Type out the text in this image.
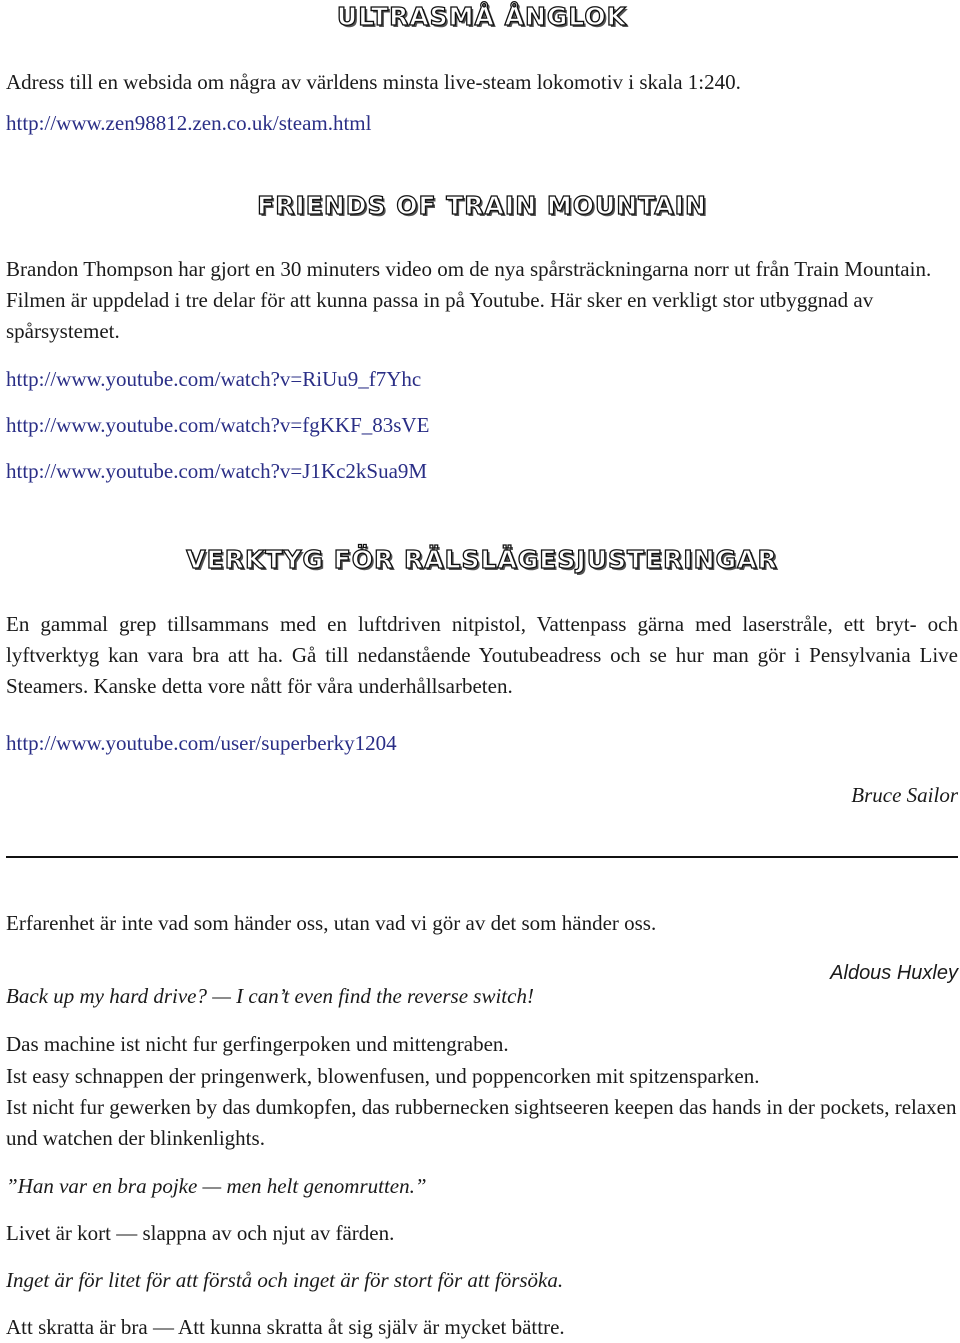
ULTRASMÅ ÅNGLOK

Adress till en websida om några av världens minsta live-steam lokomotiv i skala 1:240.

http://www.zen98812.zen.co.uk/steam.html

FRIENDS OF TRAIN MOUNTAIN

Brandon Thompson har gjort en 30 minuters video om de nya spårsträckningarna norr ut från Train Mountain. Filmen är uppdelad i tre delar för att kunna passa in på Youtube. Här sker en verkligt stor utbyggnad av spårsystemet.

http://www.youtube.com/watch?v=RiUu9_f7Yhc

http://www.youtube.com/watch?v=fgKKF_83sVE

http://www.youtube.com/watch?v=J1Kc2kSua9M

VERKTYG FÖR RÄLSLÄGESJUSTERINGAR

En gammal grep tillsammans med en luftdriven nitpistol, Vattenpass gärna med laserstråle, ett bryt- och lyftverktyg kan vara bra att ha. Gå till nedanstående Youtubeadress och se hur man gör i Pensylvania Live Steamers. Kanske detta vore nått för våra underhållsarbeten.

http://www.youtube.com/user/superberky1204

Bruce Sailor

Erfarenhet är inte vad som händer oss, utan vad vi gör av det som händer oss.

Aldous Huxley

Back up my hard drive? — I can’t even find the reverse switch!

Das machine ist nicht fur gerfingerpoken und mittengraben.

Ist easy schnappen der pringenwerk, blowenfusen, und poppencorken mit spitzensparken.

Ist nicht fur gewerken by das dumkopfen, das rubbernecken sightseeren keepen das hands in der pockets, relaxen und watchen der blinkenlights.

”Han var en bra pojke — men helt genomrutten.”

Livet är kort — slappna av och njut av färden.

Inget är för litet för att förstå och inget är för stort för att försöka.

Att skratta är bra — Att kunna skratta åt sig själv är mycket bättre.
